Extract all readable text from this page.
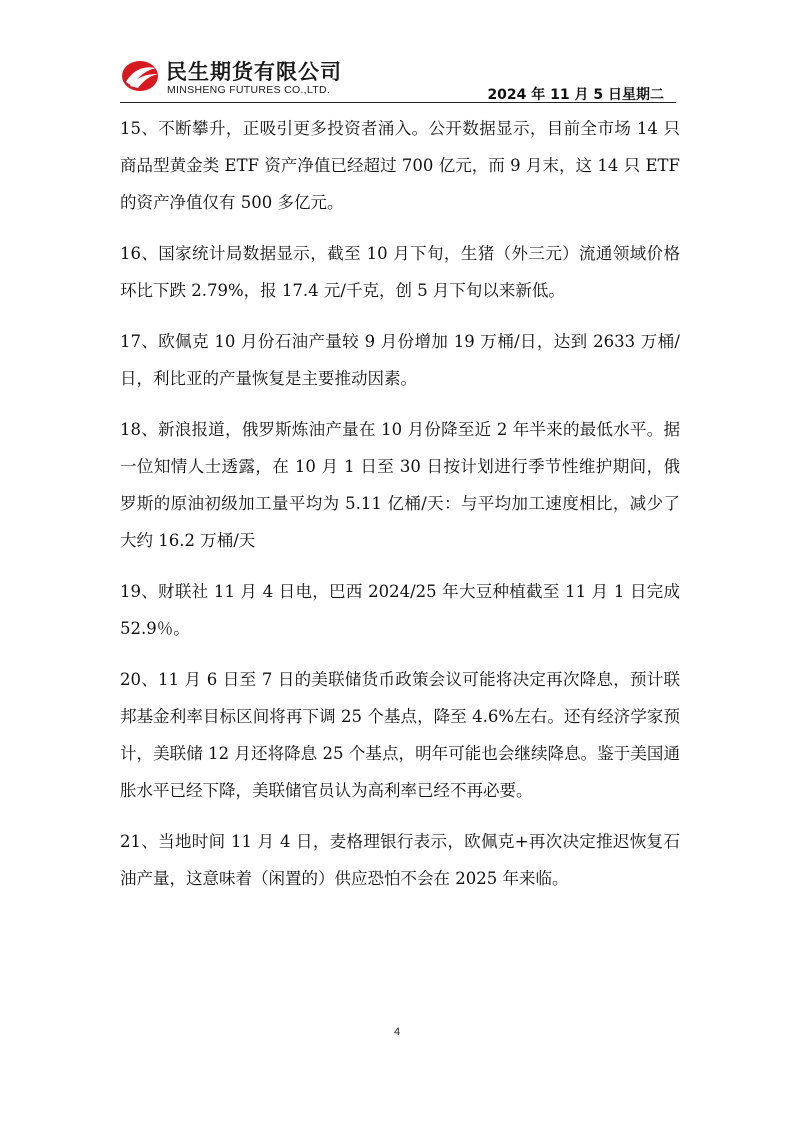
民生期货有限公司
MINSHENG FUTURES CO.,LTD.	2024 年 11 月 5 日星期二

15、不断攀升，正吸引更多投资者涌入。公开数据显示，目前全市场 14 只商品型黄金类 ETF 资产净值已经超过 700 亿元，而 9 月末，这 14 只 ETF 的资产净值仅有 500 多亿元。

16、国家统计局数据显示，截至 10 月下旬，生猪（外三元）流通领域价格环比下跌 2.79%，报 17.4 元/千克，创 5 月下旬以来新低。

17、欧佩克 10 月份石油产量较 9 月份增加 19 万桶/日，达到 2633 万桶/日，利比亚的产量恢复是主要推动因素。

18、新浪报道，俄罗斯炼油产量在 10 月份降至近 2 年半来的最低水平。据一位知情人士透露，在 10 月 1 日至 30 日按计划进行季节性维护期间，俄罗斯的原油初级加工量平均为 5.11 亿桶/天：与平均加工速度相比，减少了大约 16.2 万桶/天

19、财联社 11 月 4 日电，巴西 2024/25 年大豆种植截至 11 月 1 日完成 52.9％。

20、11 月 6 日至 7 日的美联储货币政策会议可能将决定再次降息，预计联邦基金利率目标区间将再下调 25 个基点，降至 4.6%左右。还有经济学家预计，美联储 12 月还将降息 25 个基点，明年可能也会继续降息。鉴于美国通胀水平已经下降，美联储官员认为高利率已经不再必要。

21、当地时间 11 月 4 日，麦格理银行表示，欧佩克+再次决定推迟恢复石油产量，这意味着（闲置的）供应恐怕不会在 2025 年来临。

4
